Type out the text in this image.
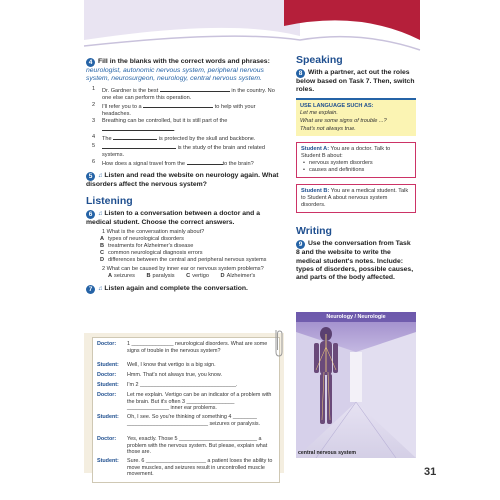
4 Fill in the blanks with the correct words and phrases: neurologist, autonomic nervous system, peripheral nervous system, neurosurgeon, neurology, central nervous system.
1 Dr. Gardner is the best	in the country. No one else can perform this operation.
2 I'll refer you to a	to help with your headaches.
3 Breathing can be controlled, but it is still part of the .
4 The	is protected by the skull and backbone.
5	is the study of the brain and related systems.
6 How does a signal travel from the	to the brain?
5 ♫ Listen and read the website on neurology again. What disorders affect the nervous system?
Listening
6 ♫ Listen to a conversation between a doctor and a medical student. Choose the correct answers.
1 What is the conversation mainly about?
A types of neurological disorders
B treatments for Alzheimer's disease
C common neurological diagnosis errors
D differences between the central and peripheral nervous systems
2 What can be caused by inner ear or nervous system problems?
A seizures B paralysis C vertigo D Alzheimer's
7 ♫ Listen again and complete the conversation.
Doctor:	1 ______________ neurological disorders. What are some signs of trouble in the nervous system?
Student:	Well, I know that vertigo is a big sign.
Doctor:	Hmm. That's not always true, you know.
Student:	I'm 2 ________________________________.
Doctor:	Let me explain. Vertigo can be an indicator of a problem with the brain. But it's often 3 ________________ ______________ inner ear problems.
Student:	Oh, I see. So you're thinking of something 4 ________ ___________________________ seizures or paralysis.
Doctor:	Yes, exactly. Those 5 __________________________ a problem with the nervous system. But please, explain what those are.
Student:	Sure. 6 ____________________ a patient loses the ability to move muscles, and seizures result in uncontrolled muscle movement.
Speaking
8 With a partner, act out the roles below based on Task 7. Then, switch roles.
USE LANGUAGE SUCH AS:
Let me explain.
What are some signs of trouble ...?
That's not always true.
Student A: You are a doctor. Talk to Student B about:
• nervous system disorders
• causes and definitions
Student B: You are a medical student. Talk to Student A about nervous system disorders.
Writing
9 Use the conversation from Task 8 and the website to write the medical student's notes. Include: types of disorders, possible causes, and parts of the body affected.
Neurology / Neurologie
central nervous system
31
